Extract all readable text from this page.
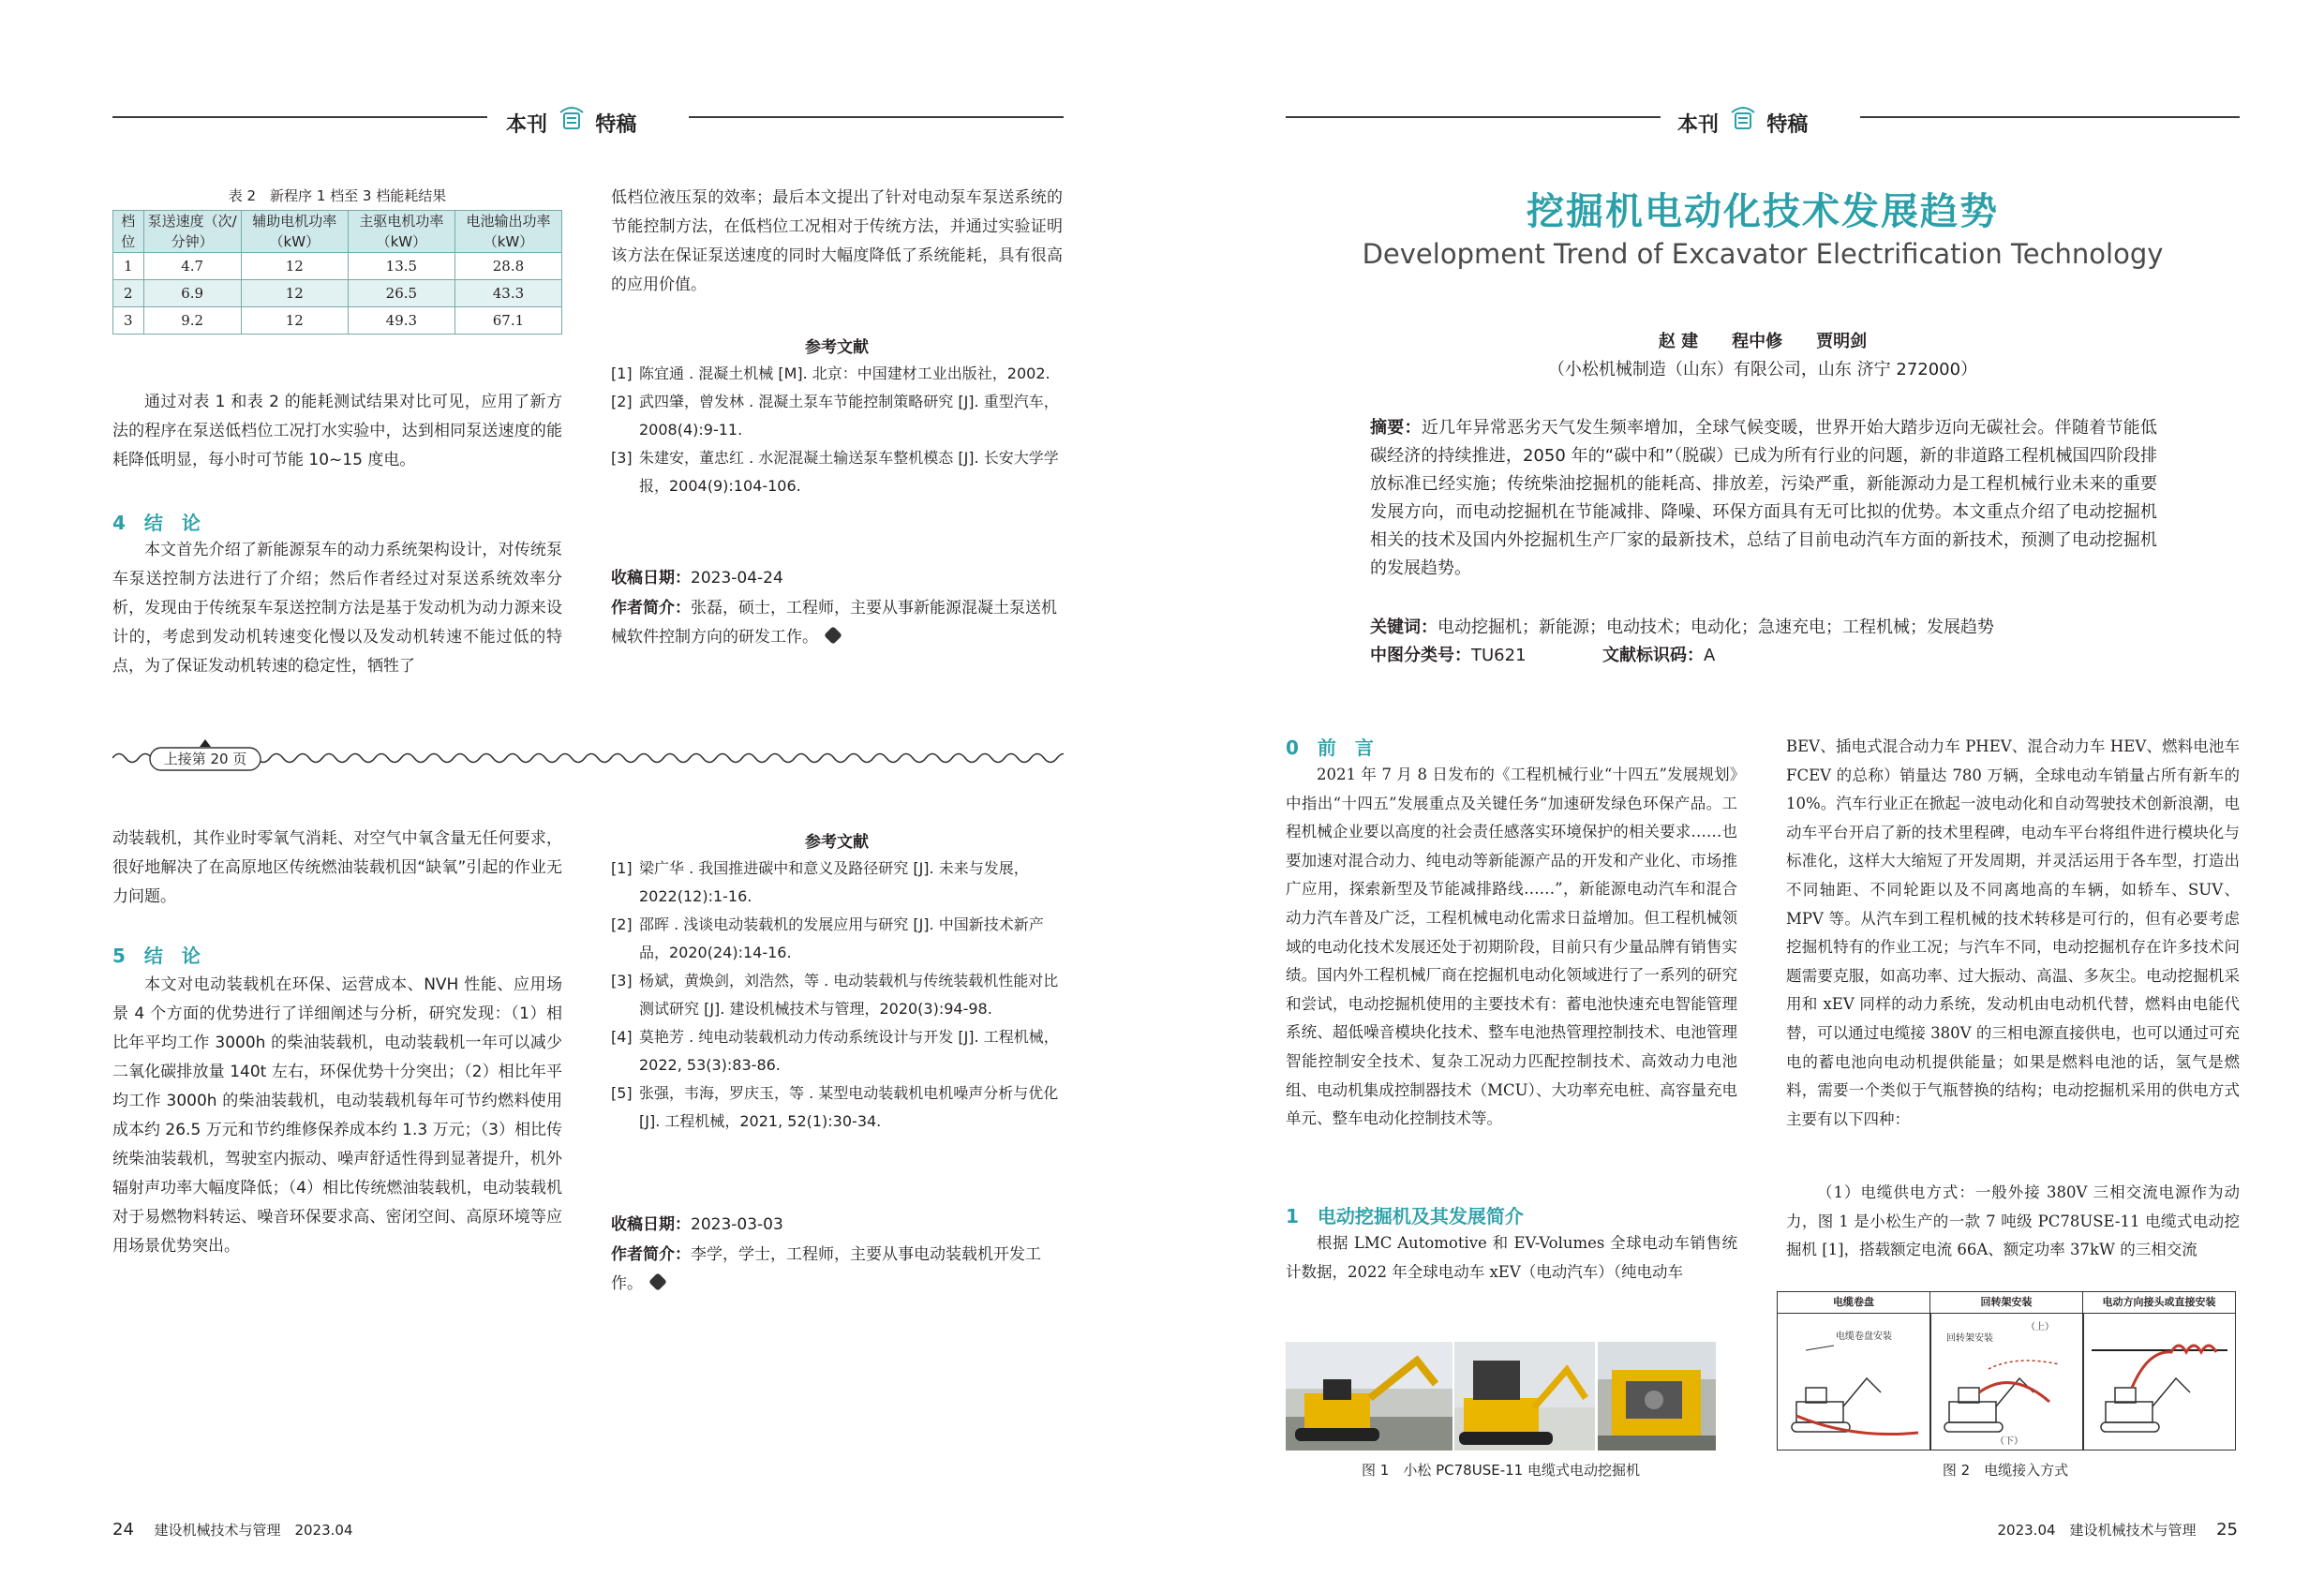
本刊 特稿	本刊 特稿
表 2　新程序 1 档至 3 档能耗结果
档位	泵送速度（次/分钟）	辅助电机功率（kW）	主驱电机功率（kW）	电池输出功率（kW）
1	4.7	12	13.5	28.8
2	6.9	12	26.5	43.3
3	9.2	12	49.3	67.1
通过对表 1 和表 2 的能耗测试结果对比可见，应用了新方法的程序在泵送低档位工况打水实验中，达到相同泵送速度的能耗降低明显，每小时可节能 10~15 度电。
4　结　论
本文首先介绍了新能源泵车的动力系统架构设计，对传统泵车泵送控制方法进行了介绍；然后作者经过对泵送系统效率分析，发现由于传统泵车泵送控制方法是基于发动机为动力源来设计的，考虑到发动机转速变化慢以及发动机转速不能过低的特点，为了保证发动机转速的稳定性，牺牲了
低档位液压泵的效率；最后本文提出了针对电动泵车泵送系统的节能控制方法，在低档位工况相对于传统方法，并通过实验证明该方法在保证泵送速度的同时大幅度降低了系统能耗，具有很高的应用价值。
参考文献
[1] 陈宜通 . 混凝土机械 [M]. 北京：中国建材工业出版社，2002.
[2] 武四肇，曾发林 . 混凝土泵车节能控制策略研究 [J]. 重型汽车，2008(4):9-11.
[3] 朱建安，董忠红 . 水泥混凝土输送泵车整机模态 [J]. 长安大学学报，2004(9):104-106.
收稿日期：2023-04-24
作者简介：张磊，硕士，工程师，主要从事新能源混凝土泵送机械软件控制方向的研发工作。
上接第 20 页
动装载机，其作业时零氧气消耗、对空气中氧含量无任何要求，很好地解决了在高原地区传统燃油装载机因“缺氧”引起的作业无力问题。
5　结　论
本文对电动装载机在环保、运营成本、NVH 性能、应用场景 4 个方面的优势进行了详细阐述与分析，研究发现：（1）相比年平均工作 3000h 的柴油装载机，电动装载机一年可以减少二氧化碳排放量 140t 左右，环保优势十分突出；（2）相比年平均工作 3000h 的柴油装载机，电动装载机每年可节约燃料使用成本约 26.5 万元和节约维修保养成本约 1.3 万元；（3）相比传统柴油装载机，驾驶室内振动、噪声舒适性得到显著提升，机外辐射声功率大幅度降低；（4）相比传统燃油装载机，电动装载机对于易燃物料转运、噪音环保要求高、密闭空间、高原环境等应用场景优势突出。
参考文献
[1] 梁广华 . 我国推进碳中和意义及路径研究 [J]. 未来与发展，2022(12):1-16.
[2] 邵晖 . 浅谈电动装载机的发展应用与研究 [J]. 中国新技术新产品，2020(24):14-16.
[3] 杨斌，黄焕剑，刘浩然，等 . 电动装载机与传统装载机性能对比测试研究 [J]. 建设机械技术与管理，2020(3):94-98.
[4] 莫艳芳 . 纯电动装载机动力传动系统设计与开发 [J]. 工程机械，2022, 53(3):83-86.
[5] 张强，韦海，罗庆玉，等 . 某型电动装载机电机噪声分析与优化 [J]. 工程机械，2021, 52(1):30-34.
收稿日期：2023-03-03
作者简介：李学，学士，工程师，主要从事电动装载机开发工作。
挖掘机电动化技术发展趋势
Development Trend of Excavator Electrification Technology
赵 建　　程中修　　贾明剑
（小松机械制造（山东）有限公司，山东 济宁 272000）
摘要：近几年异常恶劣天气发生频率增加，全球气候变暖，世界开始大踏步迈向无碳社会。伴随着节能低碳经济的持续推进，2050 年的“碳中和”（脱碳）已成为所有行业的问题，新的非道路工程机械国四阶段排放标准已经实施；传统柴油挖掘机的能耗高、排放差，污染严重，新能源动力是工程机械行业未来的重要发展方向，而电动挖掘机在节能减排、降噪、环保方面具有无可比拟的优势。本文重点介绍了电动挖掘机相关的技术及国内外挖掘机生产厂家的最新技术，总结了目前电动汽车方面的新技术，预测了电动挖掘机的发展趋势。
关键词：电动挖掘机；新能源；电动技术；电动化；急速充电；工程机械；发展趋势
中图分类号：TU621	文献标识码：A
0　前　言
2021 年 7 月 8 日发布的《工程机械行业“十四五”发展规划》中指出“十四五”发展重点及关键任务“加速研发绿色环保产品。工程机械企业要以高度的社会责任感落实环境保护的相关要求……也要加速对混合动力、纯电动等新能源产品的开发和产业化、市场推广应用，探索新型及节能减排路线……”，新能源电动汽车和混合动力汽车普及广泛，工程机械电动化需求日益增加。但工程机械领域的电动化技术发展还处于初期阶段，目前只有少量品牌有销售实绩。国内外工程机械厂商在挖掘机电动化领域进行了一系列的研究和尝试，电动挖掘机使用的主要技术有：蓄电池快速充电智能管理系统、超低噪音模块化技术、整车电池热管理控制技术、电池管理智能控制安全技术、复杂工况动力匹配控制技术、高效动力电池组、电动机集成控制器技术（MCU）、大功率充电桩、高容量充电单元、整车电动化控制技术等。
1　电动挖掘机及其发展简介
根据 LMC Automotive 和 EV-Volumes 全球电动车销售统计数据，2022 年全球电动车 xEV（电动汽车）（纯电动车
BEV、插电式混合动力车 PHEV、混合动力车 HEV、燃料电池车 FCEV 的总称）销量达 780 万辆，全球电动车销量占所有新车的 10%。汽车行业正在掀起一波电动化和自动驾驶技术创新浪潮，电动车平台开启了新的技术里程碑，电动车平台将组件进行模块化与标准化，这样大大缩短了开发周期，并灵活运用于各车型，打造出不同轴距、不同轮距以及不同离地高的车辆，如轿车、SUV、MPV 等。从汽车到工程机械的技术转移是可行的，但有必要考虑挖掘机特有的作业工况；与汽车不同，电动挖掘机存在许多技术问题需要克服，如高功率、过大振动、高温、多灰尘。电动挖掘机采用和 xEV 同样的动力系统，发动机由电动机代替，燃料由电能代替，可以通过电缆接 380V 的三相电源直接供电，也可以通过可充电的蓄电池向电动机提供能量；如果是燃料电池的话，氢气是燃料，需要一个类似于气瓶替换的结构；电动挖掘机采用的供电方式主要有以下四种：
（1）电缆供电方式：一般外接 380V 三相交流电源作为动力，图 1 是小松生产的一款 7 吨级 PC78USE-11 电缆式电动挖掘机 [1]，搭载额定电流 66A、额定功率 37kW 的三相交流
图 1　小松 PC78USE-11 电缆式电动挖掘机
电缆卷盘	回转架安装	电动方向接头或直接安装
电缆卷盘安装	回转架安装
（上）
（下）
图 2　电缆接入方式
24 建设机械技术与管理　2023.04	2023.04　建设机械技术与管理 25
